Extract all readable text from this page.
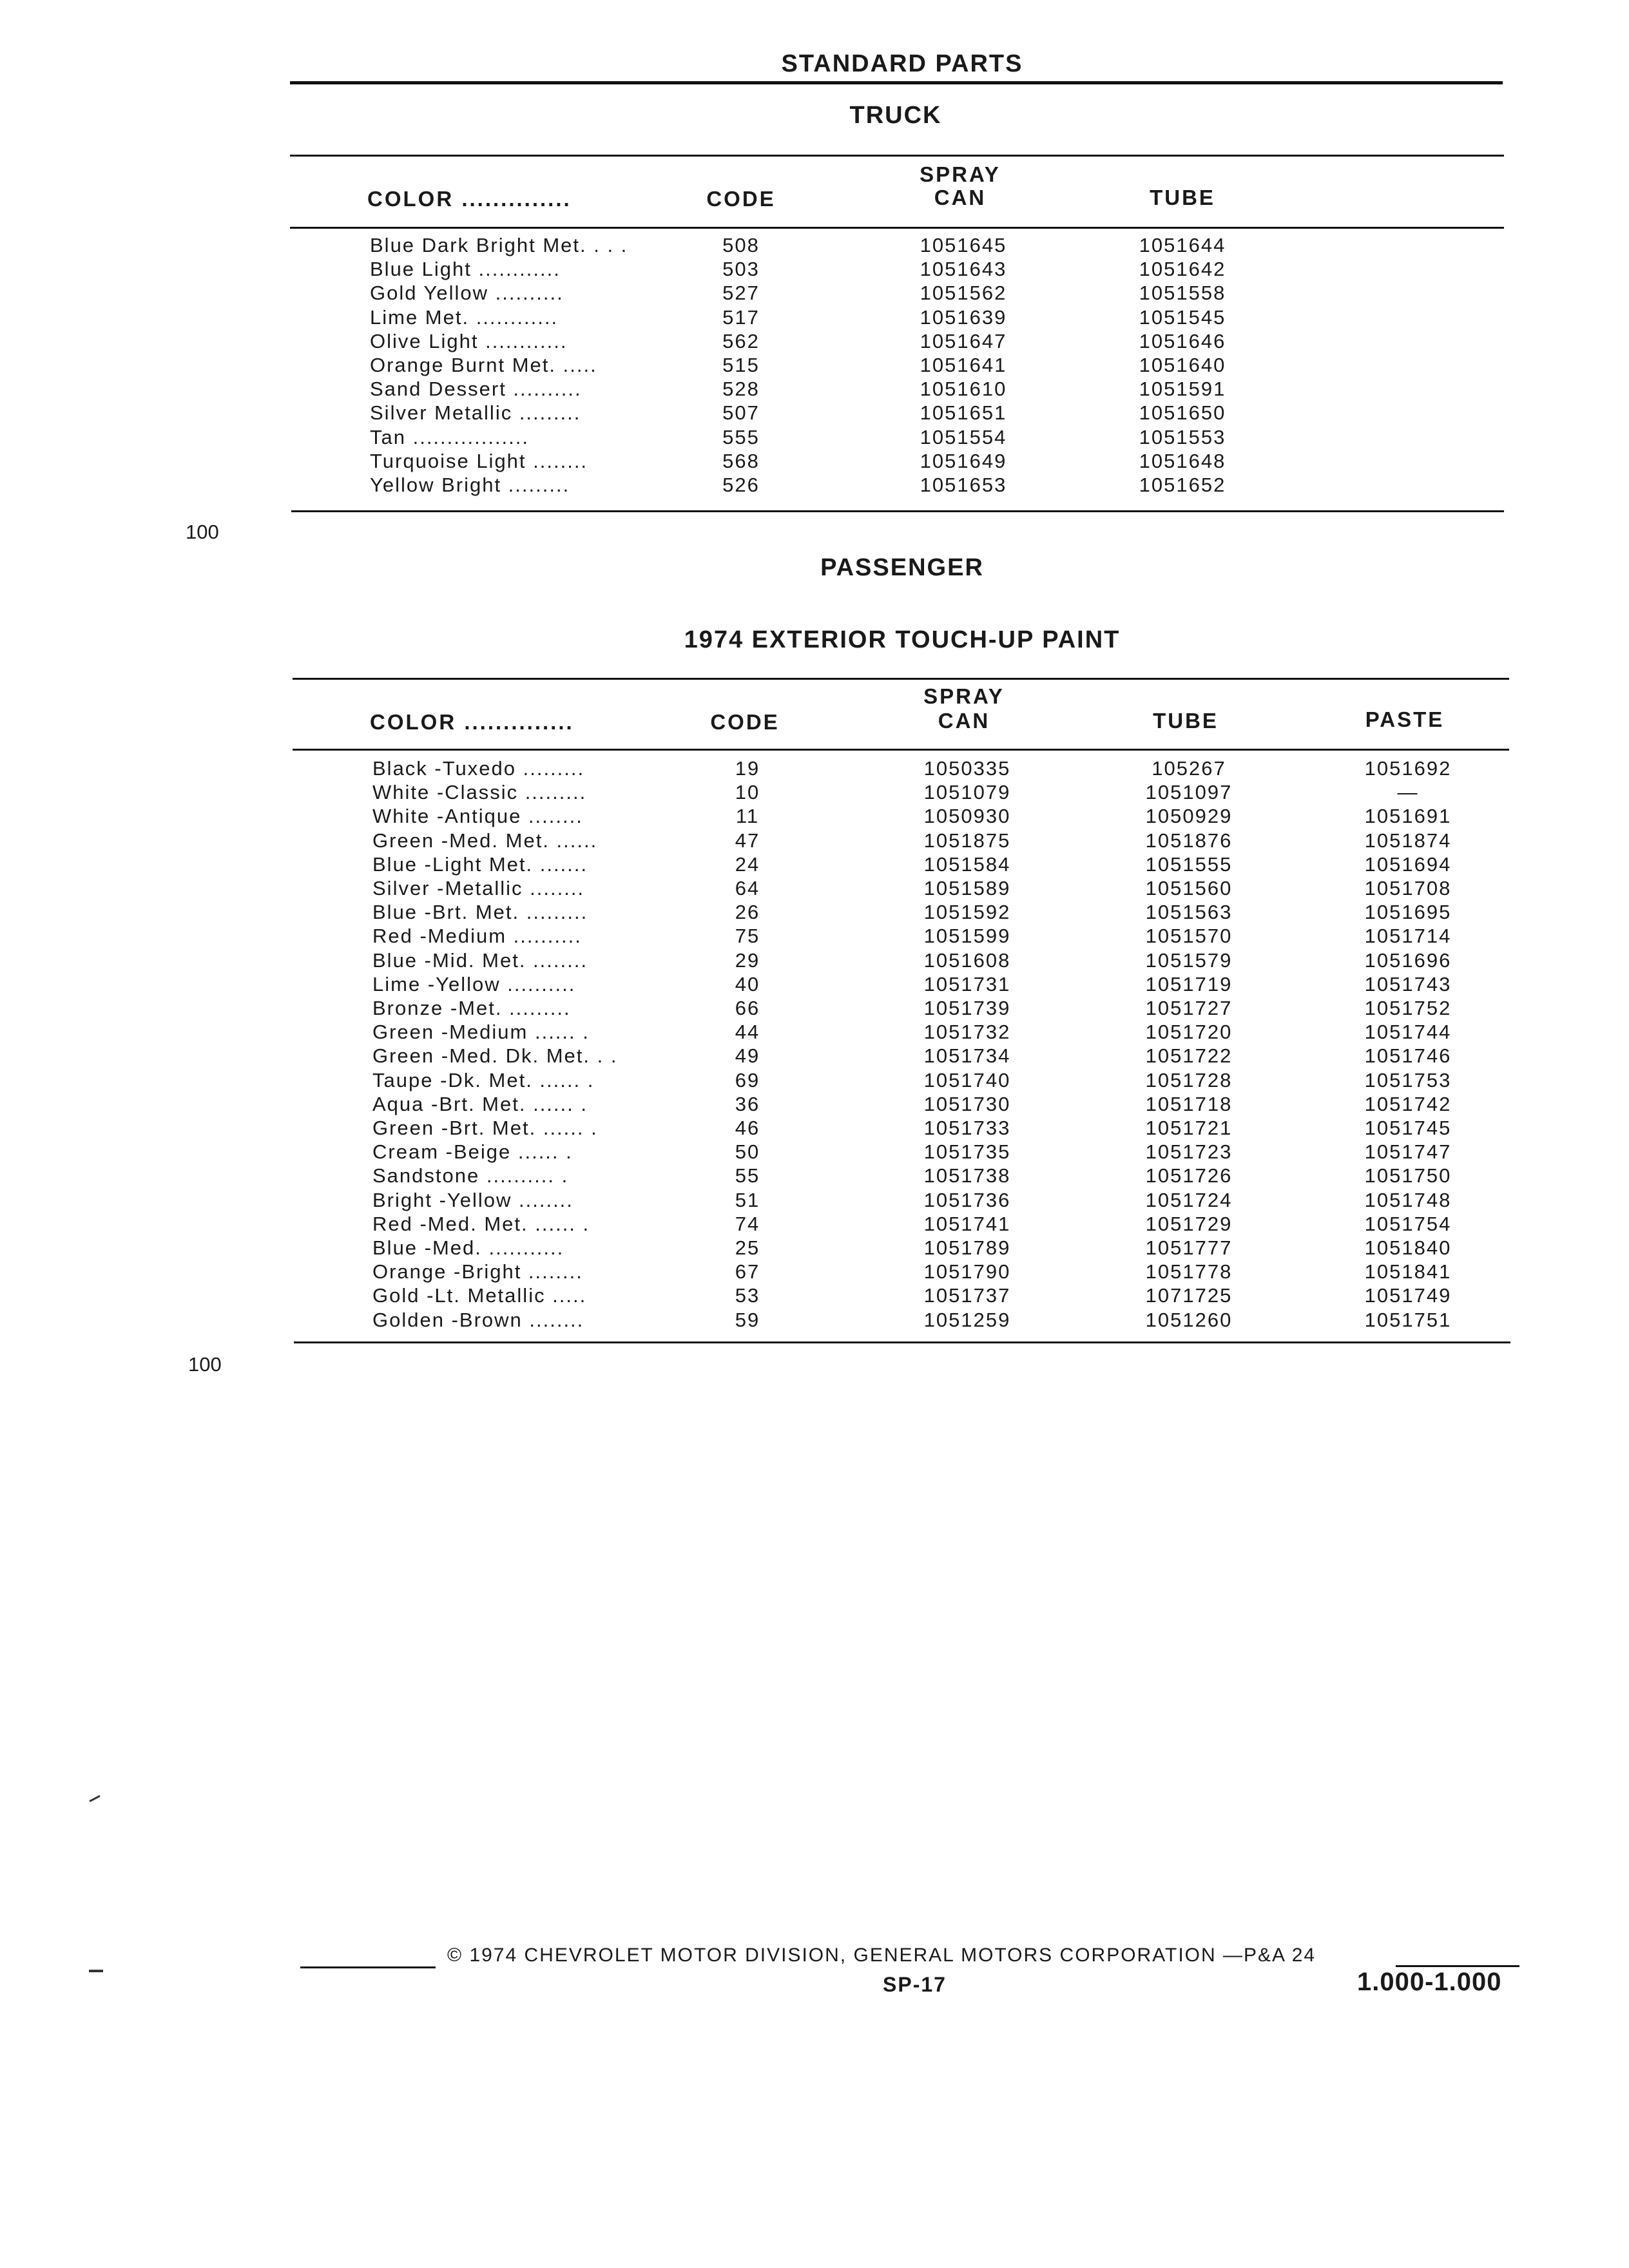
STANDARD PARTS
TRUCK
COLOR ..............	CODE
SPRAY
CAN	TUBE
Blue Dark Bright Met. . . .	508	1051645	1051644
Blue Light ............	503	1051643	1051642
Gold Yellow ..........	527	1051562	1051558
Lime Met. ............	517	1051639	1051545
Olive Light ............	562	1051647	1051646
Orange Burnt Met. .....	515	1051641	1051640
Sand Dessert ..........	528	1051610	1051591
Silver Metallic .........	507	1051651	1051650
Tan .................	555	1051554	1051553
Turquoise Light ........	568	1051649	1051648
Yellow Bright .........	526	1051653	1051652
100
PASSENGER
1974 EXTERIOR TOUCH-UP PAINT
COLOR ..............	CODE
SPRAY
CAN	TUBE	PASTE
Black -Tuxedo .........	19	1050335	105267	1051692
White -Classic .........	10	1051079	1051097	—
White -Antique ........	11	1050930	1050929	1051691
Green -Med. Met. ......	47	1051875	1051876	1051874
Blue -Light Met. .......	24	1051584	1051555	1051694
Silver -Metallic ........	64	1051589	1051560	1051708
Blue -Brt. Met. .........	26	1051592	1051563	1051695
Red -Medium ..........	75	1051599	1051570	1051714
Blue -Mid. Met. ........	29	1051608	1051579	1051696
Lime -Yellow ..........	40	1051731	1051719	1051743
Bronze -Met. .........	66	1051739	1051727	1051752
Green -Medium ...... .	44	1051732	1051720	1051744
Green -Med. Dk. Met. . .	49	1051734	1051722	1051746
Taupe -Dk. Met. ...... .	69	1051740	1051728	1051753
Aqua -Brt. Met. ...... .	36	1051730	1051718	1051742
Green -Brt. Met. ...... .	46	1051733	1051721	1051745
Cream -Beige ...... .	50	1051735	1051723	1051747
Sandstone .......... .	55	1051738	1051726	1051750
Bright -Yellow ........	51	1051736	1051724	1051748
Red -Med. Met. ...... .	74	1051741	1051729	1051754
Blue -Med. ...........	25	1051789	1051777	1051840
Orange -Bright ........	67	1051790	1051778	1051841
Gold -Lt. Metallic .....	53	1051737	1071725	1051749
Golden -Brown ........	59	1051259	1051260	1051751
100
© 1974 CHEVROLET MOTOR DIVISION, GENERAL MOTORS CORPORATION —P&A 24
SP-17	1.000-1.000
